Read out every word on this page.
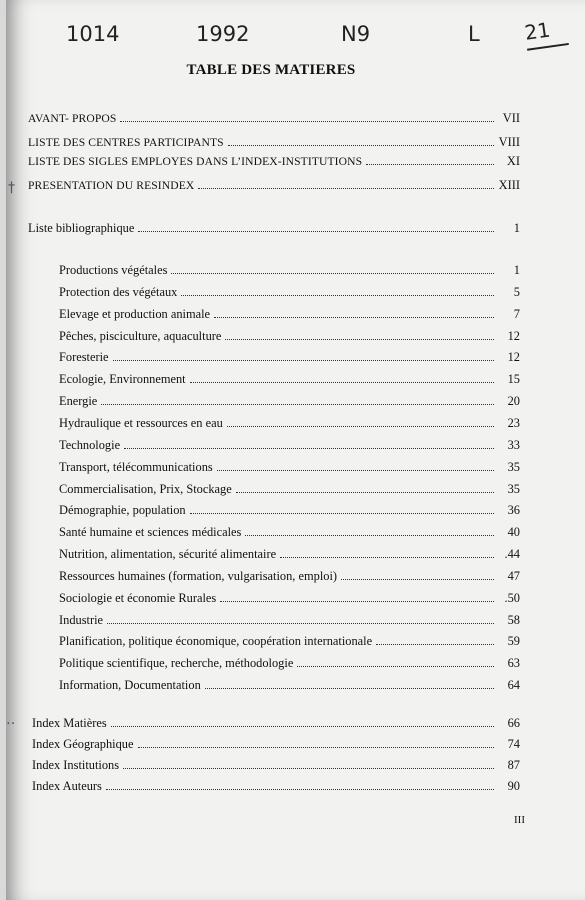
1014	1992	N9	L 21
TABLE DES MATIERES
AVANT- PROPOS	VII
LISTE DES CENTRES PARTICIPANTS	VIII
LISTE DES SIGLES EMPLOYES DANS L’INDEX-INSTITUTIONS	XI
PRESENTATION DU RESINDEX	XIII
Liste bibliographique	1
Productions végétales	1
Protection des végétaux	5
Elevage et production animale	7
Pêches, pisciculture, aquaculture	12
Foresterie	12
Ecologie, Environnement	15
Energie	20
Hydraulique et ressources en eau	23
Technologie	33
Transport, télécommunications	35
Commercialisation, Prix, Stockage	35
Démographie, population	36
Santé humaine et sciences médicales	40
Nutrition, alimentation, sécurité alimentaire	.44
Ressources humaines (formation, vulgarisation, emploi)	47
Sociologie et économie Rurales	.50
Industrie	58
Planification, politique économique, coopération internationale	59
Politique scientifique, recherche, méthodologie	63
Information, Documentation	64
Index Matières	66
Index Géographique	74
Index Institutions	87
Index Auteurs	90
III
†
‥
